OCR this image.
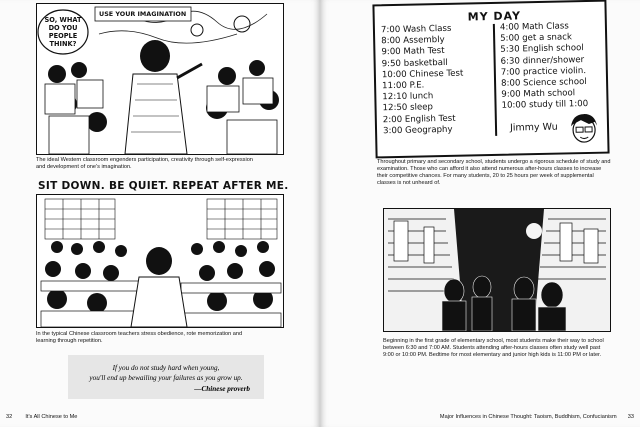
SO, WHAT DO YOU PEOPLE THINK?
USE YOUR IMAGINATION
The ideal Western classroom engenders participation, creativity through self-expression
and development of one's imagination.
SIT DOWN. BE QUIET. REPEAT AFTER ME.
In the typical Chinese classroom teachers stress obedience, rote memorization and
learning through repetition.
If you do not study hard when young,
you'll end up bewailing your failures as you grow up.
—Chinese proverb
32 It's All Chinese to Me
MY DAY
7:00 Wash Class
8:00 Assembly
9:00 Math Test
9:50 basketball
10:00 Chinese Test
11:00 P.E.
12:10 lunch
12:50 sleep
2:00 English Test
3:00 Geography
4:00 Math Class
5:00 get a snack
5:30 English school
6:30 dinner/shower
7:00 practice violin.
8:00 Science school
9:00 Math school
10:00 study till 1:00
Jimmy Wu
Throughout primary and secondary school, students undergo a rigorous schedule of study and
examination. Those who can afford it also attend numerous after-hours classes to increase
their competitive chances. For many students, 20 to 25 hours per week of supplemental
classes is not unheard of.
Beginning in the first grade of elementary school, most students make their way to school
between 6:30 and 7:00 AM. Students attending after-hours classes often study well past
9:00 or 10:00 PM. Bedtime for most elementary and junior high kids is 11:00 PM or later.
Major Influences in Chinese Thought: Taoism, Buddhism, Confucianism 33
